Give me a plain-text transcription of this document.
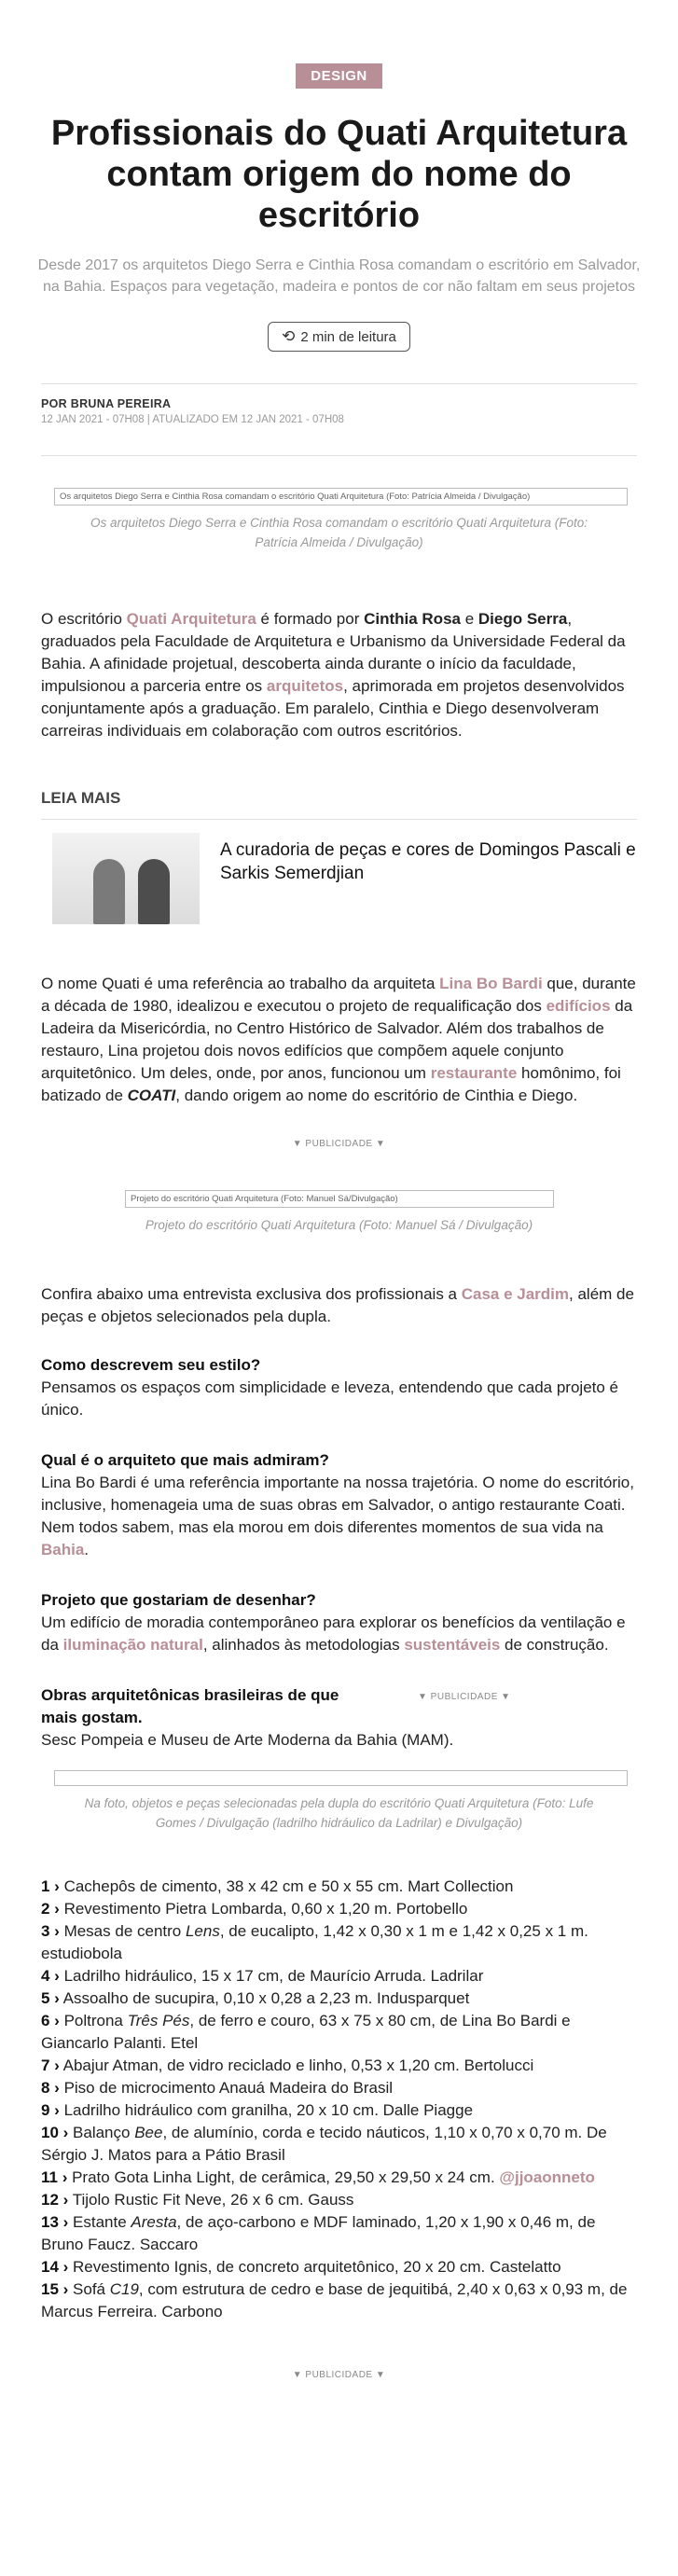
DESIGN
Profissionais do Quati Arquitetura contam origem do nome do escritório

Desde 2017 os arquitetos Diego Serra e Cinthia Rosa comandam o escritório em Salvador, na Bahia. Espaços para vegetação, madeira e pontos de cor não faltam em seus projetos

⟲ 2 min de leitura
POR BRUNA PEREIRA
12 JAN 2021 - 07H08 | ATUALIZADO EM 12 JAN 2021 - 07H08
Os arquitetos Diego Serra e Cinthia Rosa comandam o escritório Quati Arquitetura (Foto: Patrícia Almeida / Divulgação)

Os arquitetos Diego Serra e Cinthia Rosa comandam o escritório Quati Arquitetura (Foto: Patrícia Almeida / Divulgação)

O escritório Quati Arquitetura é formado por Cinthia Rosa e Diego Serra, graduados pela Faculdade de Arquitetura e Urbanismo da Universidade Federal da Bahia. A afinidade projetual, descoberta ainda durante o início da faculdade, impulsionou a parceria entre os arquitetos, aprimorada em projetos desenvolvidos conjuntamente após a graduação. Em paralelo, Cinthia e Diego desenvolveram carreiras individuais em colaboração com outros escritórios.

LEIA MAIS
A curadoria de peças e cores de Domingos Pascali e Sarkis Semerdjian

O nome Quati é uma referência ao trabalho da arquiteta Lina Bo Bardi que, durante a década de 1980, idealizou e executou o projeto de requalificação dos edifícios da Ladeira da Misericórdia, no Centro Histórico de Salvador. Além dos trabalhos de restauro, Lina projetou dois novos edifícios que compõem aquele conjunto arquitetônico. Um deles, onde, por anos, funcionou um restaurante homônimo, foi batizado de COATI, dando origem ao nome do escritório de Cinthia e Diego.

▼ PUBLICIDADE ▼
Projeto do escritório Quati Arquitetura (Foto: Manuel Sá/Divulgação)

Projeto do escritório Quati Arquitetura (Foto: Manuel Sá / Divulgação)

Confira abaixo uma entrevista exclusiva dos profissionais a Casa e Jardim, além de peças e objetos selecionados pela dupla.

Como descrevem seu estilo?

Pensamos os espaços com simplicidade e leveza, entendendo que cada projeto é único.

Qual é o arquiteto que mais admiram?

Lina Bo Bardi é uma referência importante na nossa trajetória. O nome do escritório, inclusive, homenageia uma de suas obras em Salvador, o antigo restaurante Coati. Nem todos sabem, mas ela morou em dois diferentes momentos de sua vida na Bahia.

Projeto que gostariam de desenhar?

Um edifício de moradia contemporâneo para explorar os benefícios da ventilação e da iluminação natural, alinhados às metodologias sustentáveis de construção.

Obras arquitetônicas brasileiras de que mais gostam.

▼ PUBLICIDADE ▼

Sesc Pompeia e Museu de Arte Moderna da Bahia (MAM).

Na foto, objetos e peças selecionadas pela dupla do escritório Quati Arquitetura (Foto: Lufe Gomes / Divulgação (ladrilho hidráulico da Ladrilar) e Divulgação)

1 › Cachepôs de cimento, 38 x 42 cm e 50 x 55 cm. Mart Collection

2 › Revestimento Pietra Lombarda, 0,60 x 1,20 m. Portobello

3 › Mesas de centro Lens, de eucalipto, 1,42 x 0,30 x 1 m e 1,42 x 0,25 x 1 m. estudiobola

4 › Ladrilho hidráulico, 15 x 17 cm, de Maurício Arruda. Ladrilar

5 › Assoalho de sucupira, 0,10 x 0,28 a 2,23 m. Indusparquet

6 › Poltrona Três Pés, de ferro e couro, 63 x 75 x 80 cm, de Lina Bo Bardi e Giancarlo Palanti. Etel

7 › Abajur Atman, de vidro reciclado e linho, 0,53 x 1,20 cm. Bertolucci

8 › Piso de microcimento Anauá Madeira do Brasil

9 › Ladrilho hidráulico com granilha, 20 x 10 cm. Dalle Piagge

10 › Balanço Bee, de alumínio, corda e tecido náuticos, 1,10 x 0,70 x 0,70 m. De Sérgio J. Matos para a Pátio Brasil

11 › Prato Gota Linha Light, de cerâmica, 29,50 x 29,50 x 24 cm. @jjoaonneto

12 › Tijolo Rustic Fit Neve, 26 x 6 cm. Gauss

13 › Estante Aresta, de aço-carbono e MDF laminado, 1,20 x 1,90 x 0,46 m, de Bruno Faucz. Saccaro

14 › Revestimento Ignis, de concreto arquitetônico, 20 x 20 cm. Castelatto

15 › Sofá C19, com estrutura de cedro e base de jequitibá, 2,40 x 0,63 x 0,93 m, de Marcus Ferreira. Carbono

▼ PUBLICIDADE ▼
